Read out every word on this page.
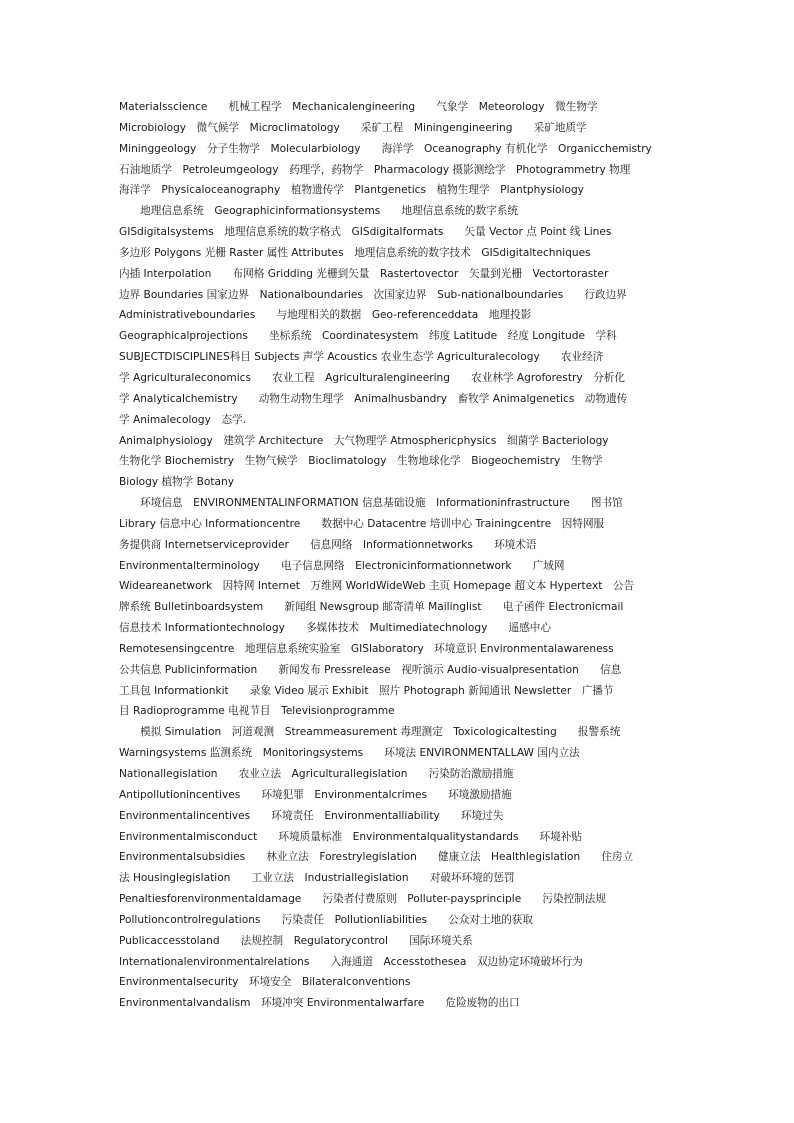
Materialsscience　　机械工程学　Mechanicalengineering　　气象学　Meteorology　微生物学
Microbiology　微气候学　Microclimatology　　采矿工程　Miningengineering　　采矿地质学
Mininggeology　分子生物学　Molecularbiology　　海洋学　Oceanography 有机化学　Organicchemistry
石油地质学　Petroleumgeology　药理学，药物学　Pharmacology 摄影测绘学　Photogrammetry 物理
海洋学　Physicaloceanography　植物遗传学　Plantgenetics　植物生理学　Plantphysiology
　　地理信息系统　Geographicinformationsystems　　地理信息系统的数字系统
GISdigitalsystems　地理信息系统的数字格式　GISdigitalformats　　矢量 Vector 点 Point 线 Lines
多边形 Polygons 光栅 Raster 属性 Attributes　地理信息系统的数字技术　GISdigitaltechniques
内插 Interpolation　　布网格 Gridding 光栅到矢量　Rastertovector　矢量到光栅　Vectortoraster
边界 Boundaries 国家边界　Nationalboundaries　次国家边界　Sub-nationalboundaries　　行政边界
Administrativeboundaries　　与地理相关的数据　Geo-referenceddata　地理投影
Geographicalprojections　　坐标系统　Coordinatesystem　纬度 Latitude　经度 Longitude　学科
SUBJECTDISCIPLINES科目 Subjects 声学 Acoustics 农业生态学 Agriculturalecology　　农业经济
学 Agriculturaleconomics　　农业工程　Agriculturalengineering　　农业林学 Agroforestry　分析化
学 Analyticalchemistry　　动物生动物生理学　Animalhusbandry　畜牧学 Animalgenetics　动物遗传
学 Animalecology　态学.
Animalphysiology　建筑学 Architecture　大气物理学 Atmosphericphysics　细菌学 Bacteriology
生物化学 Biochemistry　生物气候学　Bioclimatology　生物地球化学　Biogeochemistry　生物学
Biology 植物学 Botany
　　环境信息　ENVIRONMENTALINFORMATION 信息基础设施　Informationinfrastructure　　图书馆
Library 信息中心 Informationcentre　　数据中心 Datacentre 培训中心 Trainingcentre　因特网服
务提供商 Internetserviceprovider　　信息网络　Informationnetworks　　环境术语
Environmentalterminology　　电子信息网络　Electronicinformationnetwork　　广域网
Wideareanetwork　因特网 Internet　万维网 WorldWideWeb 主页 Homepage 超文本 Hypertext　公告
牌系统 Bulletinboardsystem　　新闻组 Newsgroup 邮寄清单 Mailinglist　　电子函件 Electronicmail
信息技术 Informationtechnology　　多媒体技术　Multimediatechnology　　遥感中心
Remotesensingcentre　地理信息系统实验室　GISlaboratory　环境意识 Environmentalawareness
公共信息 Publicinformation　　新闻发布 Pressrelease　视听演示 Audio-visualpresentation　　信息
工具包 Informationkit　　录象 Video 展示 Exhibit　照片 Photograph 新闻通讯 Newsletter　广播节
目 Radioprogramme 电视节目　Televisionprogramme
　　模拟 Simulation　河道观测　Streammeasurement 毒理测定　Toxicologicaltesting　　报警系统
Warningsystems 监测系统　Monitoringsystems　　环境法 ENVIRONMENTALLAW 国内立法
Nationallegislation　　农业立法　Agriculturallegislation　　污染防治激励措施
Antipollutionincentives　　环境犯罪　Environmentalcrimes　　环境激励措施
Environmentalincentives　　环境责任　Environmentalliability　　环境过失
Environmentalmisconduct　　环境质量标准　Environmentalqualitystandards　　环境补贴
Environmentalsubsidies　　林业立法　Forestrylegislation　　健康立法　Healthlegislation　　住房立
法 Housinglegislation　　工业立法　Industriallegislation　　对破坏环境的惩罚
Penaltiesforenvironmentaldamage　　污染者付费原则　Polluter-paysprinciple　　污染控制法规
Pollutioncontrolregulations　　污染责任　Pollutionliabilities　　公众对土地的获取
Publicaccesstoland　　法规控制　Regulatorycontrol　　国际环境关系
Internationalenvironmentalrelations　　入海通道　Accesstothesea　双边协定环境破坏行为
Environmentalsecurity　环境安全　Bilateralconventions
Environmentalvandalism　环境冲突 Environmentalwarfare　　危险废物的出口
